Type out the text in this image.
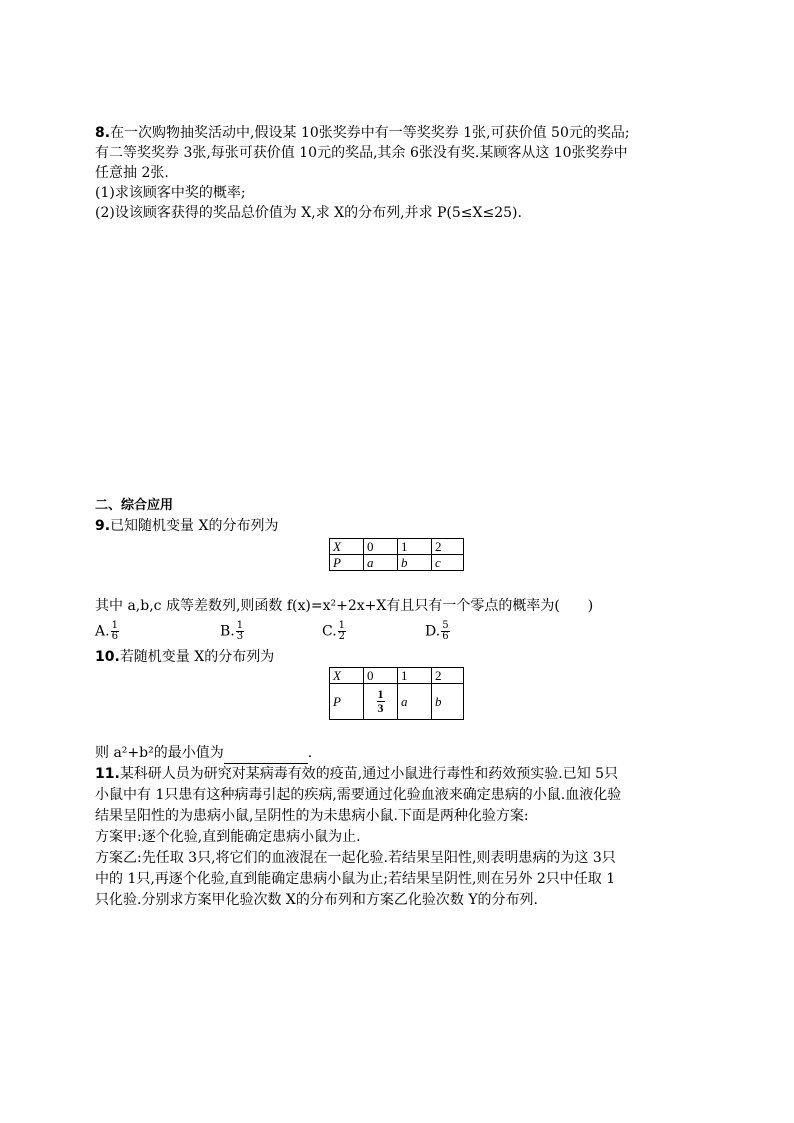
8.在一次购物抽奖活动中,假设某 10张奖券中有一等奖奖券 1张,可获价值 50元的奖品;
有二等奖奖券 3张,每张可获价值 10元的奖品,其余 6张没有奖.某顾客从这 10张奖券中
任意抽 2张.
(1)求该顾客中奖的概率;
(2)设该顾客获得的奖品总价值为 X,求 X的分布列,并求 P(5≤X≤25).
二、综合应用
9.已知随机变量 X的分布列为
X	0	1	2
P	a	b	c
其中 a,b,c 成等差数列,则函数 f(x)=x²+2x+X有且只有一个零点的概率为(　　)
A. $\frac{1}{6}$	B. $\frac{1}{3}$	C. $\frac{1}{2}$	D. $\frac{5}{6}$
10.若随机变量 X的分布列为
X	0	1	2
P	$\frac{1}{3}$	a	b
则 a²+b²的最小值为　　　　　　	.
11.某科研人员为研究对某病毒有效的疫苗,通过小鼠进行毒性和药效预实验.已知 5只
小鼠中有 1只患有这种病毒引起的疾病,需要通过化验血液来确定患病的小鼠.血液化验
结果呈阳性的为患病小鼠,呈阴性的为未患病小鼠.下面是两种化验方案:
方案甲:逐个化验,直到能确定患病小鼠为止.
方案乙:先任取 3只,将它们的血液混在一起化验.若结果呈阳性,则表明患病的为这 3只
中的 1只,再逐个化验,直到能确定患病小鼠为止;若结果呈阴性,则在另外 2只中任取 1
只化验.分别求方案甲化验次数 X的分布列和方案乙化验次数 Y的分布列.
